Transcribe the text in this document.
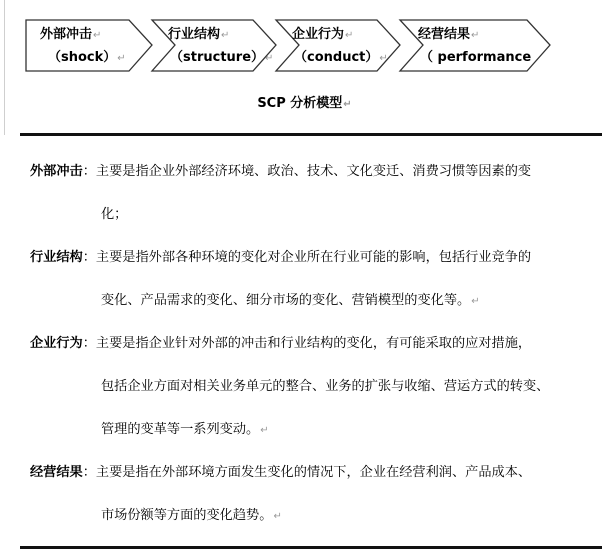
外部冲击↵
（shock）↵
行业结构↵
（structure）↵
企业行为↵
（conduct）↵
经营结果↵
（ performance
SCP 分析模型↵
外部冲击：主要是指企业外部经济环境、政治、技术、文化变迁、消费习惯等因素的变
化；
行业结构：主要是指外部各种环境的变化对企业所在行业可能的影响，包括行业竞争的
变化、产品需求的变化、细分市场的变化、营销模型的变化等。↵
企业行为：主要是指企业针对外部的冲击和行业结构的变化，有可能采取的应对措施，
包括企业方面对相关业务单元的整合、业务的扩张与收缩、营运方式的转变、
管理的变革等一系列变动。↵
经营结果：主要是指在外部环境方面发生变化的情况下，企业在经营利润、产品成本、
市场份额等方面的变化趋势。↵
